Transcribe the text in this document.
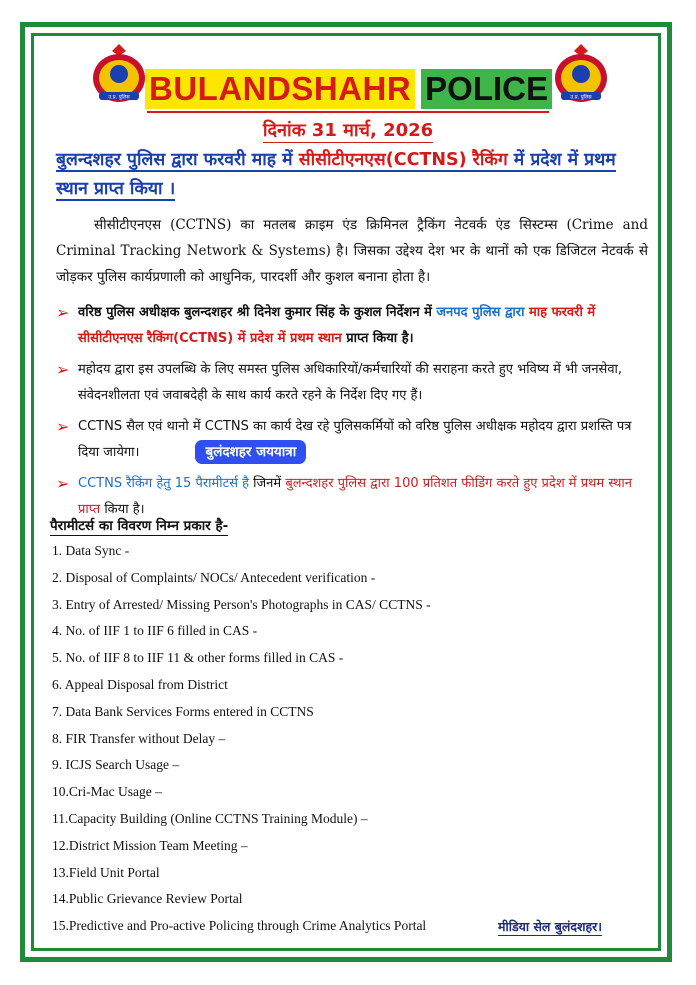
उ.प्र. पुलिस	उ.प्र. पुलिस
BULANDSHAHR POLICE
दिनांक 31 मार्च, 2026
बुलन्दशहर पुलिस द्वारा फरवरी माह में सीसीटीएनएस(CCTNS) रैकिंग में प्रदेश में प्रथम स्थान प्राप्त किया ।
सीसीटीएनएस (CCTNS) का मतलब क्राइम एंड क्रिमिनल ट्रैकिंग नेटवर्क एंड सिस्टम्स (Crime and Criminal Tracking Network & Systems) है। जिसका उद्देश्य देश भर के थानों को एक डिजिटल नेटवर्क से जोड़कर पुलिस कार्यप्रणाली को आधुनिक, पारदर्शी और कुशल बनाना होता है।
➢ वरिष्ठ पुलिस अधीक्षक बुलन्दशहर श्री दिनेश कुमार सिंह के कुशल निर्देशन में जनपद पुलिस द्वारा माह फरवरी में सीसीटीएनएस रैकिंग(CCTNS) में प्रदेश में प्रथम स्थान प्राप्त किया है।
➢ महोदय द्वारा इस उपलब्धि के लिए समस्त पुलिस अधिकारियों/कर्मचारियों की सराहना करते हुए भविष्य में भी जनसेवा, संवेदनशीलता एवं जवाबदेही के साथ कार्य करते रहने के निर्देश दिए गए हैं।
➢ CCTNS सैल एवं थानो में CCTNS का कार्य देख रहे पुलिसकर्मियों को वरिष्ठ पुलिस अधीक्षक महोदय द्वारा प्रशस्ति पत्र दिया जायेगा।	बुलंदशहर जययात्रा
➢ CCTNS रैकिंग हेतु 15 पैरामीटर्स है जिनमें बुलन्दशहर पुलिस द्वारा 100 प्रतिशत फीडिंग करते हुए प्रदेश में प्रथम स्थान प्राप्त किया है।
पैरामीटर्स का विवरण निम्न प्रकार है-
1. Data Sync -
2. Disposal of Complaints/ NOCs/ Antecedent verification -
3. Entry of Arrested/ Missing Person's Photographs in CAS/ CCTNS -
4. No. of IIF 1 to IIF 6 filled in CAS -
5. No. of IIF 8 to IIF 11 & other forms filled in CAS -
6. Appeal Disposal from District
7. Data Bank Services Forms entered in CCTNS
8. FIR Transfer without Delay –
9. ICJS Search Usage –
10.Cri-Mac Usage –
11.Capacity Building (Online CCTNS Training Module) –
12.District Mission Team Meeting –
13.Field Unit Portal
14.Public Grievance Review Portal
15.Predictive and Pro-active Policing through Crime Analytics Portal	मीडिया सेल बुलंदशहर।
